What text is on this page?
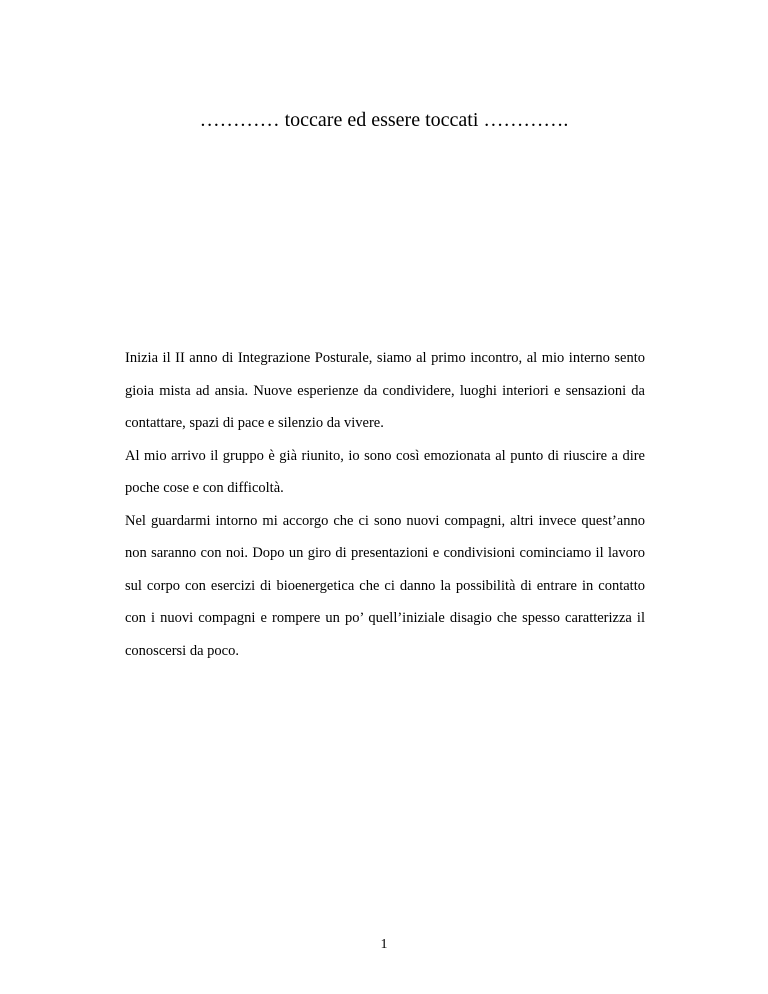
………… toccare ed essere toccati ………….

Inizia il II anno di Integrazione Posturale, siamo al primo incontro, al mio interno sento gioia mista ad ansia. Nuove esperienze da condividere, luoghi interiori e sensazioni da contattare, spazi di pace e silenzio da vivere.

Al mio arrivo il gruppo è già riunito, io sono così emozionata al punto di riuscire a dire poche cose e con difficoltà.

Nel guardarmi intorno mi accorgo che ci sono nuovi compagni, altri invece quest’anno non saranno con noi. Dopo un giro di presentazioni e condivisioni cominciamo il lavoro sul corpo con esercizi di bioenergetica che ci danno la possibilità di entrare in contatto con i nuovi compagni e rompere un po’ quell’iniziale disagio che spesso caratterizza il conoscersi da poco.

1
